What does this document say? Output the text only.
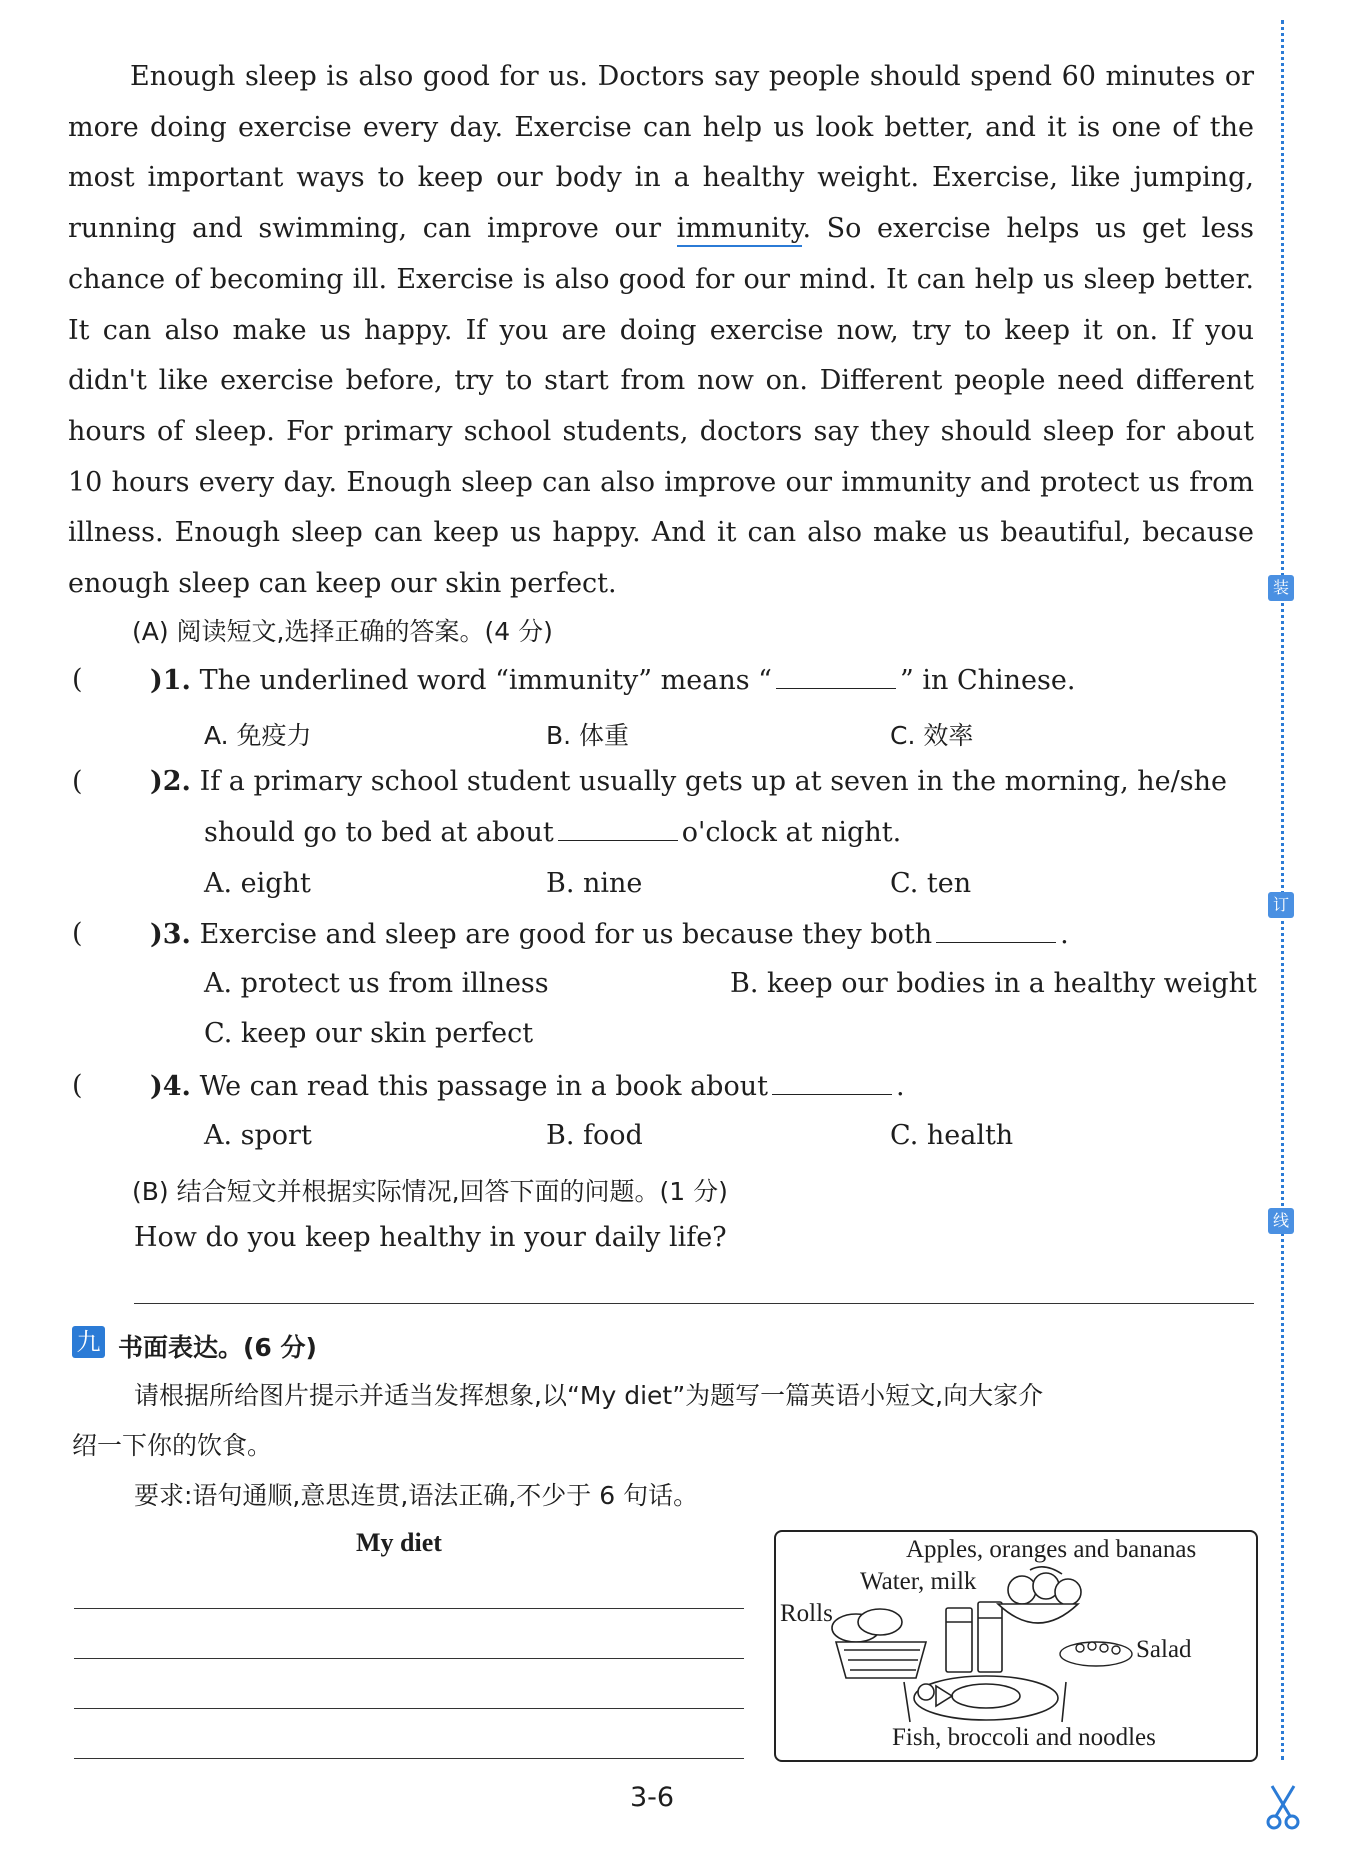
Enough sleep is also good for us. Doctors say people should spend 60 minutes or more doing exercise every day. Exercise can help us look better, and it is one of the most important ways to keep our body in a healthy weight. Exercise, like jumping, running and swimming, can improve our immunity. So exercise helps us get less chance of becoming ill. Exercise is also good for our mind. It can help us sleep better. It can also make us happy. If you are doing exercise now, try to keep it on. If you didn't like exercise before, try to start from now on. Different people need different hours of sleep. For primary school students, doctors say they should sleep for about 10 hours every day. Enough sleep can also improve our immunity and protect us from illness. Enough sleep can keep us happy. And it can also make us beautiful, because enough sleep can keep our skin perfect.

(A) 阅读短文,选择正确的答案。(4 分)
( )1. The underlined word “immunity” means “	” in Chinese.
A. 免疫力	B. 体重	C. 效率
( )2. If a primary school student usually gets up at seven in the morning, he/she
should go to bed at about	o'clock at night.
A. eight	B. nine	C. ten
( )3. Exercise and sleep are good for us because they both	.
A. protect us from illness	B. keep our bodies in a healthy weight
C. keep our skin perfect
( )4. We can read this passage in a book about	.
A. sport	B. food	C. health
(B) 结合短文并根据实际情况,回答下面的问题。(1 分)
How do you keep healthy in your daily life?
九 书面表达。(6 分)
请根据所给图片提示并适当发挥想象,以“My diet”为题写一篇英语小短文,向大家介
绍一下你的饮食。
要求:语句通顺,意思连贯,语法正确,不少于 6 句话。
My diet	Apples, oranges and bananas
Water, milk
Rolls
Salad
Fish, broccoli and noodles
3-6
装
订
线
